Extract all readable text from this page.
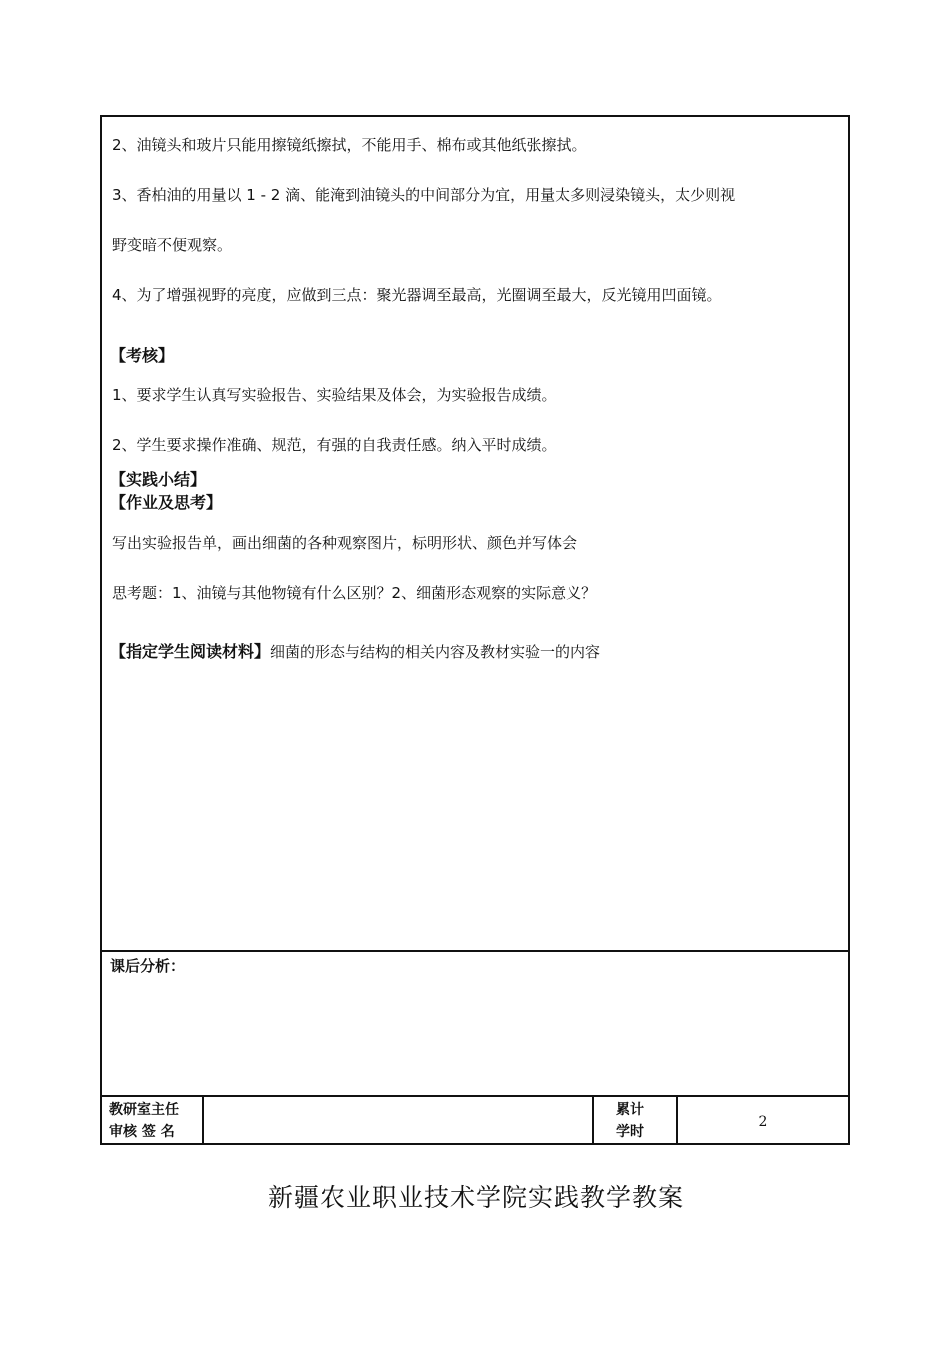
2、油镜头和玻片只能用擦镜纸擦拭，不能用手、棉布或其他纸张擦拭。
3、香柏油的用量以 1 - 2 滴、能淹到油镜头的中间部分为宜，用量太多则浸染镜头，太少则视
野变暗不便观察。
4、为了增强视野的亮度，应做到三点：聚光器调至最高，光圈调至最大，反光镜用凹面镜。
【考核】
1、要求学生认真写实验报告、实验结果及体会，为实验报告成绩。
2、学生要求操作准确、规范，有强的自我责任感。纳入平时成绩。
【实践小结】
【作业及思考】
写出实验报告单，画出细菌的各种观察图片，标明形状、颜色并写体会
思考题：1、油镜与其他物镜有什么区别？2、细菌形态观察的实际意义？
【指定学生阅读材料】细菌的形态与结构的相关内容及教材实验一的内容
课后分析：
教研室主任
审核 签 名
累计
学时
2
新疆农业职业技术学院实践教学教案
